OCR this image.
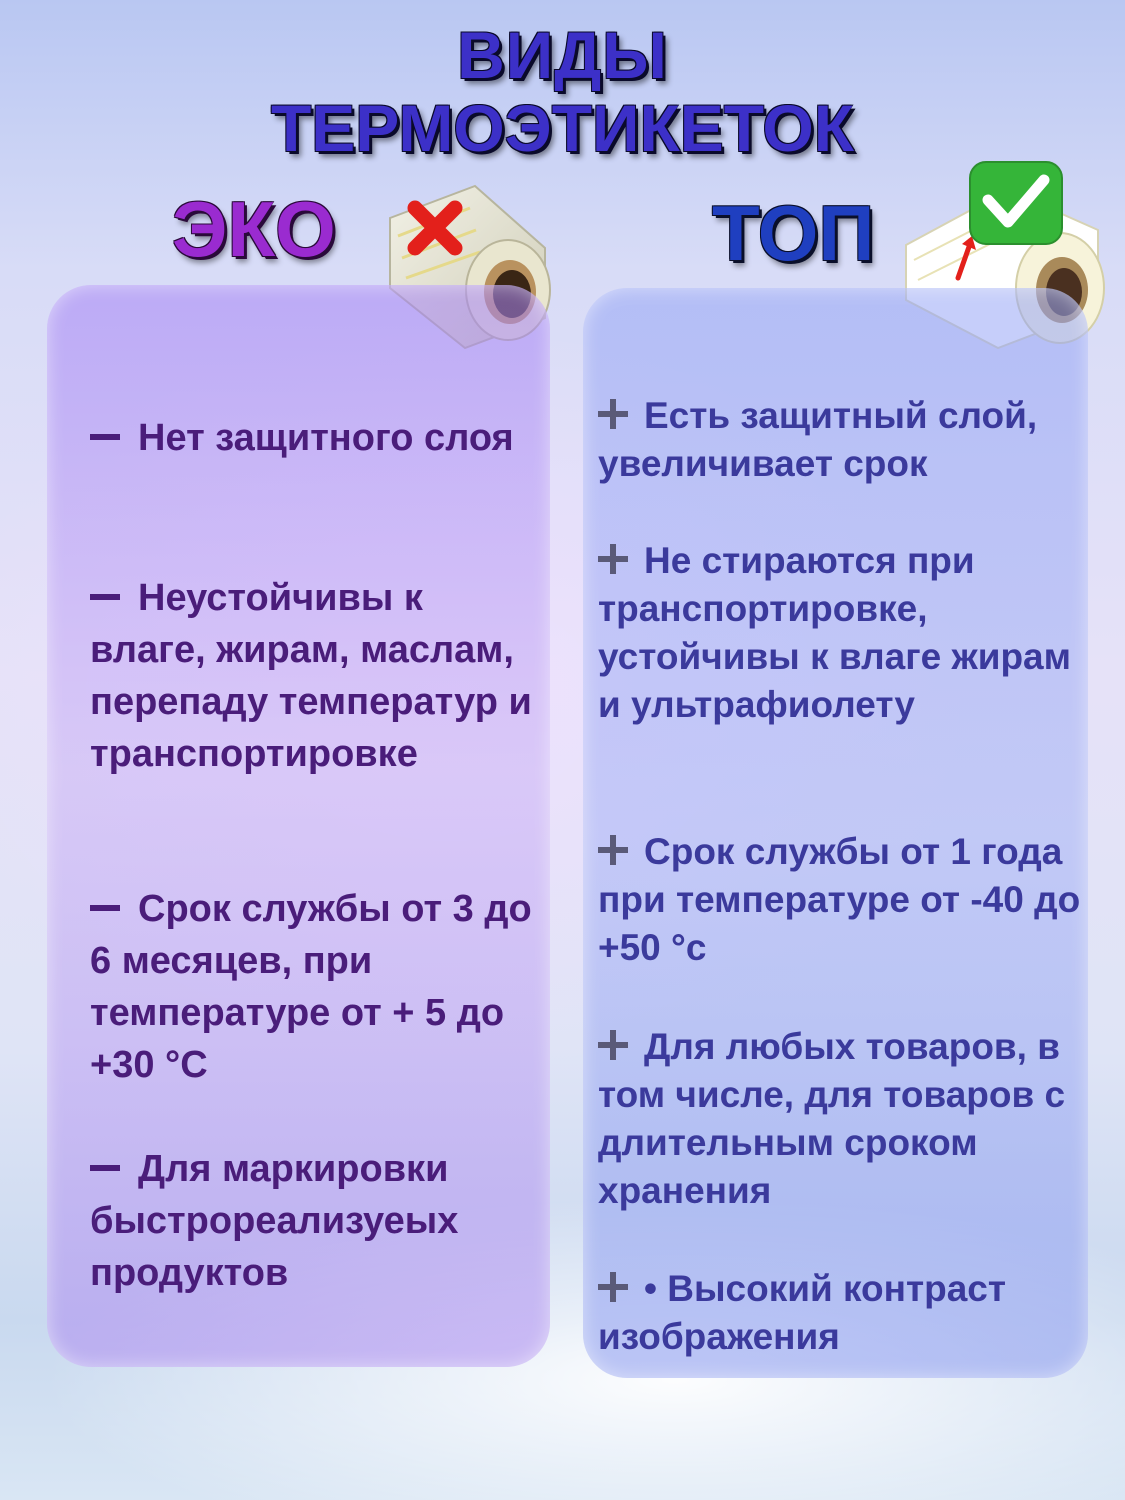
ВИДЫ
ТЕРМОЭТИКЕТОК
ЭКО	ТОП

Нет защитного слоя

Неустойчивы к влаге, жирам, маслам, перепаду температур и транспортировке

Срок службы от 3 до 6 месяцев, при температуре от + 5 до +30 °С

Для маркировки быстрореализуеых продуктов

Есть защитный слой, увеличивает срок

Не стираются при транспортировке, устойчивы к влаге жирам и ультрафиолету

Срок службы от 1 года при температуре от -40 до +50 °с

Для любых товаров, в том числе, для товаров с длительным сроком хранения

• Высокий контраст изображения
